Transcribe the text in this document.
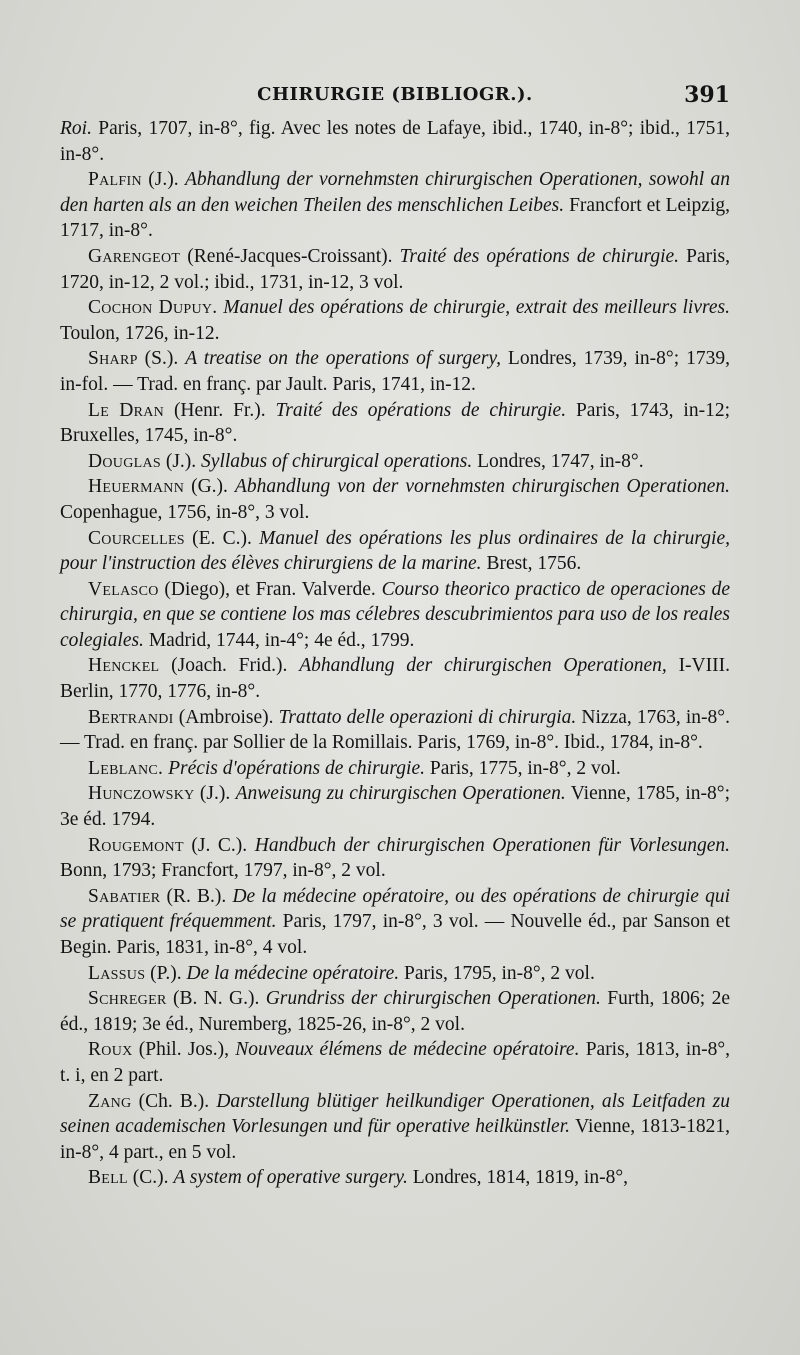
CHIRURGIE (BIBLIOGR.).	391

Roi. Paris, 1707, in-8°, fig. Avec les notes de Lafaye, ibid., 1740, in-8°; ibid., 1751, in-8°.

Palfin (J.). Abhandlung der vornehmsten chirurgischen Operationen, sowohl an den harten als an den weichen Theilen des menschlichen Leibes. Francfort et Leipzig, 1717, in-8°.

Garengeot (René-Jacques-Croissant). Traité des opérations de chirurgie. Paris, 1720, in-12, 2 vol.; ibid., 1731, in-12, 3 vol.

Cochon Dupuy. Manuel des opérations de chirurgie, extrait des meilleurs livres. Toulon, 1726, in-12.

Sharp (S.). A treatise on the operations of surgery, Londres, 1739, in-8°; 1739, in-fol. — Trad. en franç. par Jault. Paris, 1741, in-12.

Le Dran (Henr. Fr.). Traité des opérations de chirurgie. Paris, 1743, in-12; Bruxelles, 1745, in-8°.

Douglas (J.). Syllabus of chirurgical operations. Londres, 1747, in-8°.

Heuermann (G.). Abhandlung von der vornehmsten chirurgischen Operationen. Copenhague, 1756, in-8°, 3 vol.

Courcelles (E. C.). Manuel des opérations les plus ordinaires de la chirurgie, pour l'instruction des élèves chirurgiens de la marine. Brest, 1756.

Velasco (Diego), et Fran. Valverde. Courso theorico practico de operaciones de chirurgia, en que se contiene los mas célebres descubrimientos para uso de los reales colegiales. Madrid, 1744, in-4°; 4e éd., 1799.

Henckel (Joach. Frid.). Abhandlung der chirurgischen Operationen, I-VIII. Berlin, 1770, 1776, in-8°.

Bertrandi (Ambroise). Trattato delle operazioni di chirurgia. Nizza, 1763, in-8°. — Trad. en franç. par Sollier de la Romillais. Paris, 1769, in-8°. Ibid., 1784, in-8°.

Leblanc. Précis d'opérations de chirurgie. Paris, 1775, in-8°, 2 vol.

Hunczowsky (J.). Anweisung zu chirurgischen Operationen. Vienne, 1785, in-8°; 3e éd. 1794.

Rougemont (J. C.). Handbuch der chirurgischen Operationen für Vorlesungen. Bonn, 1793; Francfort, 1797, in-8°, 2 vol.

Sabatier (R. B.). De la médecine opératoire, ou des opérations de chirurgie qui se pratiquent fréquemment. Paris, 1797, in-8°, 3 vol. — Nouvelle éd., par Sanson et Begin. Paris, 1831, in-8°, 4 vol.

Lassus (P.). De la médecine opératoire. Paris, 1795, in-8°, 2 vol.

Schreger (B. N. G.). Grundriss der chirurgischen Operationen. Furth, 1806; 2e éd., 1819; 3e éd., Nuremberg, 1825-26, in-8°, 2 vol.

Roux (Phil. Jos.), Nouveaux élémens de médecine opératoire. Paris, 1813, in-8°, t. i, en 2 part.

Zang (Ch. B.). Darstellung blütiger heilkundiger Operationen, als Leitfaden zu seinen academischen Vorlesungen und für operative heilkünstler. Vienne, 1813-1821, in-8°, 4 part., en 5 vol.

Bell (C.). A system of operative surgery. Londres, 1814, 1819, in-8°,
